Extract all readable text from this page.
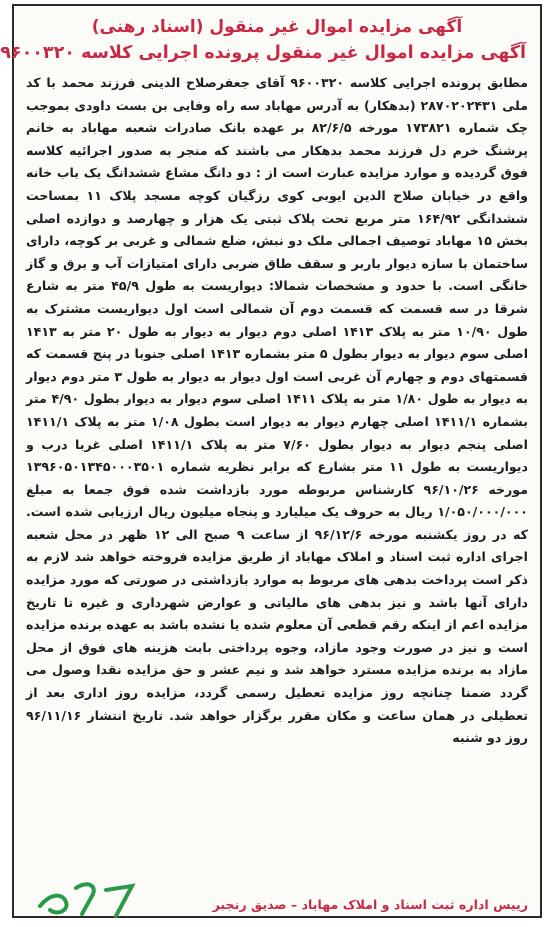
آگهی مزایده اموال غیر منقول (اسناد رهنی)
آگهی مزایده اموال غیر منقول پرونده اجرایی کلاسه ۹۶۰۰۳۲۰
مطابق پرونده اجرایی کلاسه ۹۶۰۰۳۲۰ آقای جعفرصلاح الدینی فرزند محمد با کد ملی ۲۸۷۰۲۰۲۴۳۱ (بدهکار) به آدرس مهاباد سه راه وفایی بن بست داودی بموجب چک شماره ۱۷۳۸۲۱ مورخه ۸۲/۶/۵ بر عهده بانک صادرات شعبه مهاباد به خانم پرشنگ خرم دل فرزند محمد بدهکار می باشند که منجر به صدور اجرائیه کلاسه فوق گردیده و موارد مزایده عبارت است از : دو دانگ مشاع ششدانگ یک باب خانه واقع در خیابان صلاح الدین ایوبی کوی رزگیان کوچه مسجد پلاک ۱۱ بمساحت ششدانگی ۱۶۴/۹۲ متر مربع تحت پلاک ثبتی یک هزار و چهارصد و دوازده اصلی بخش ۱۵ مهاباد توصیف اجمالی ملک دو نبش، ضلع شمالی و غربی بر کوچه، دارای ساختمان با سازه دیوار باربر و سقف طاق ضربی دارای امتیازات آب و برق و گاز خانگی است. با حدود و مشخصات شمالا: دیواریست به طول ۴۵/۹ متر به شارع شرقا در سه قسمت که قسمت دوم آن شمالی است اول دیواریست مشترک به طول ۱۰/۹۰ متر به پلاک ۱۴۱۳ اصلی دوم دیوار به دیوار به طول ۲۰ متر به ۱۴۱۳ اصلی سوم دیوار به دیوار بطول ۵ متر بشماره ۱۴۱۳ اصلی جنوبا در پنج قسمت که قسمتهای دوم و چهارم آن غربی است اول دیوار به دیوار به طول ۳ متر دوم دیوار به دیوار به طول ۱/۸۰ متر به پلاک ۱۴۱۱ اصلی سوم دیوار به دیوار بطول ۴/۹۰ متر بشماره ۱۴۱۱/۱ اصلی چهارم دیوار به دیوار است بطول ۱/۰۸ متر به پلاک ۱۴۱۱/۱ اصلی پنجم دیوار به دیوار بطول ۷/۶۰ متر به پلاک ۱۴۱۱/۱ اصلی غربا درب و دیواریست به طول ۱۱ متر بشارع که برابر نظریه شماره ۱۳۹۶۰۵۰۱۳۴۵۰۰۰۳۵۰۱ مورخه ۹۶/۱۰/۲۶ کارشناس مربوطه مورد بازداشت شده فوق جمعا به مبلغ ۱/۰۵۰/۰۰۰/۰۰۰ ریال به حروف یک میلیارد و پنجاه میلیون ریال ارزیابی شده است. که در روز یکشنبه مورخه ۹۶/۱۲/۶ از ساعت ۹ صبح الی ۱۲ ظهر در محل شعبه اجرای اداره ثبت اسناد و املاک مهاباد از طریق مزایده فروخته خواهد شد لازم به ذکر است پرداخت بدهی های مربوط به موارد بازداشتی در صورتی که مورد مزایده دارای آنها باشد و نیز بدهی های مالیاتی و عوارض شهرداری و غیره تا تاریخ مزایده اعم از اینکه رقم قطعی آن معلوم شده یا نشده باشد به عهده برنده مزایده است و نیز در صورت وجود مازاد، وجوه پرداختی بابت هزینه های فوق از محل مازاد به برنده مزایده مسترد خواهد شد و نیم عشر و حق مزایده نقدا وصول می گردد ضمنا چنانچه روز مزایده تعطیل رسمی گردد، مزایده روز اداری بعد از تعطیلی در همان ساعت و مکان مقرر برگزار خواهد شد. تاریخ انتشار ۹۶/۱۱/۱۶ روز دو شنبه
رییس اداره ثبت اسناد و املاک مهاباد – صدیق رنجبر
